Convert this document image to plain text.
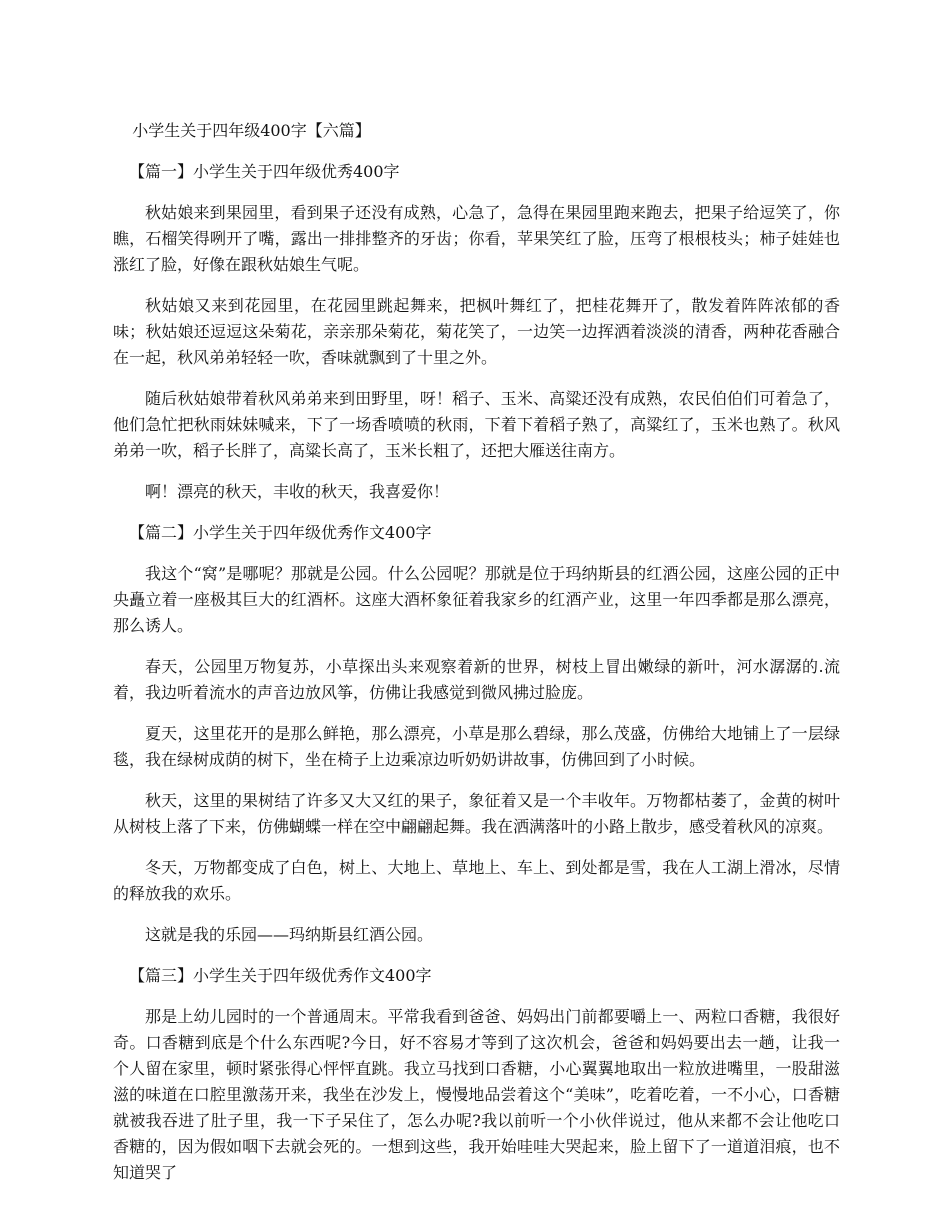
小学生关于四年级400字【六篇】

【篇一】小学生关于四年级优秀400字

秋姑娘来到果园里，看到果子还没有成熟，心急了，急得在果园里跑来跑去，把果子给逗笑了，你瞧，石榴笑得咧开了嘴，露出一排排整齐的牙齿；你看，苹果笑红了脸，压弯了根根枝头；柿子娃娃也涨红了脸，好像在跟秋姑娘生气呢。

秋姑娘又来到花园里，在花园里跳起舞来，把枫叶舞红了，把桂花舞开了，散发着阵阵浓郁的香味；秋姑娘还逗逗这朵菊花，亲亲那朵菊花，菊花笑了，一边笑一边挥洒着淡淡的清香，两种花香融合在一起，秋风弟弟轻轻一吹，香味就飘到了十里之外。

随后秋姑娘带着秋风弟弟来到田野里，呀！稻子、玉米、高粱还没有成熟，农民伯伯们可着急了，他们急忙把秋雨妹妹喊来，下了一场香喷喷的秋雨，下着下着稻子熟了，高粱红了，玉米也熟了。秋风弟弟一吹，稻子长胖了，高粱长高了，玉米长粗了，还把大雁送往南方。

啊！漂亮的秋天，丰收的秋天，我喜爱你！

【篇二】小学生关于四年级优秀作文400字

我这个“窝”是哪呢？那就是公园。什么公园呢？那就是位于玛纳斯县的红酒公园，这座公园的正中央矗立着一座极其巨大的红酒杯。这座大酒杯象征着我家乡的红酒产业，这里一年四季都是那么漂亮，那么诱人。

春天，公园里万物复苏，小草探出头来观察着新的世界，树枝上冒出嫩绿的新叶，河水潺潺的.流着，我边听着流水的声音边放风筝，仿佛让我感觉到微风拂过脸庞。

夏天，这里花开的是那么鲜艳，那么漂亮，小草是那么碧绿，那么茂盛，仿佛给大地铺上了一层绿毯，我在绿树成荫的树下，坐在椅子上边乘凉边听奶奶讲故事，仿佛回到了小时候。

秋天，这里的果树结了许多又大又红的果子，象征着又是一个丰收年。万物都枯萎了，金黄的树叶从树枝上落了下来，仿佛蝴蝶一样在空中翩翩起舞。我在洒满落叶的小路上散步，感受着秋风的凉爽。

冬天，万物都变成了白色，树上、大地上、草地上、车上、到处都是雪，我在人工湖上滑冰，尽情的释放我的欢乐。

这就是我的乐园——玛纳斯县红酒公园。

【篇三】小学生关于四年级优秀作文400字

那是上幼儿园时的一个普通周末。平常我看到爸爸、妈妈出门前都要嚼上一、两粒口香糖，我很好奇。口香糖到底是个什么东西呢?今日，好不容易才等到了这次机会，爸爸和妈妈要出去一趟，让我一个人留在家里，顿时紧张得心怦怦直跳。我立马找到口香糖，小心翼翼地取出一粒放进嘴里，一股甜滋滋的味道在口腔里激荡开来，我坐在沙发上，慢慢地品尝着这个“美味”，吃着吃着，一不小心，口香糖就被我吞进了肚子里，我一下子呆住了，怎么办呢?我以前听一个小伙伴说过，他从来都不会让他吃口香糖的，因为假如咽下去就会死的。一想到这些，我开始哇哇大哭起来，脸上留下了一道道泪痕，也不知道哭了
